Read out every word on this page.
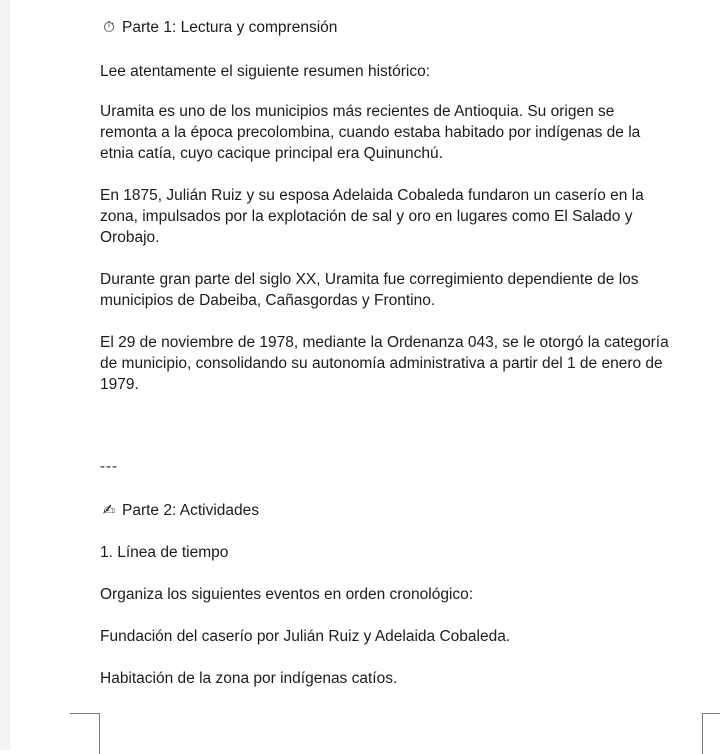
⏱ Parte 1: Lectura y comprensión
Lee atentamente el siguiente resumen histórico:
Uramita es uno de los municipios más recientes de Antioquia. Su origen se
remonta a la época precolombina, cuando estaba habitado por indígenas de la
etnia catía, cuyo cacique principal era Quinunchú.
En 1875, Julián Ruiz y su esposa Adelaida Cobaleda fundaron un caserío en la
zona, impulsados por la explotación de sal y oro en lugares como El Salado y
Orobajo.
Durante gran parte del siglo XX, Uramita fue corregimiento dependiente de los
municipios de Dabeiba, Cañasgordas y Frontino.
El 29 de noviembre de 1978, mediante la Ordenanza 043, se le otorgó la categoría
de municipio, consolidando su autonomía administrativa a partir del 1 de enero de
1979.
---
✍ Parte 2: Actividades
1. Línea de tiempo
Organiza los siguientes eventos en orden cronológico:
Fundación del caserío por Julián Ruiz y Adelaida Cobaleda.
Habitación de la zona por indígenas catíos.
